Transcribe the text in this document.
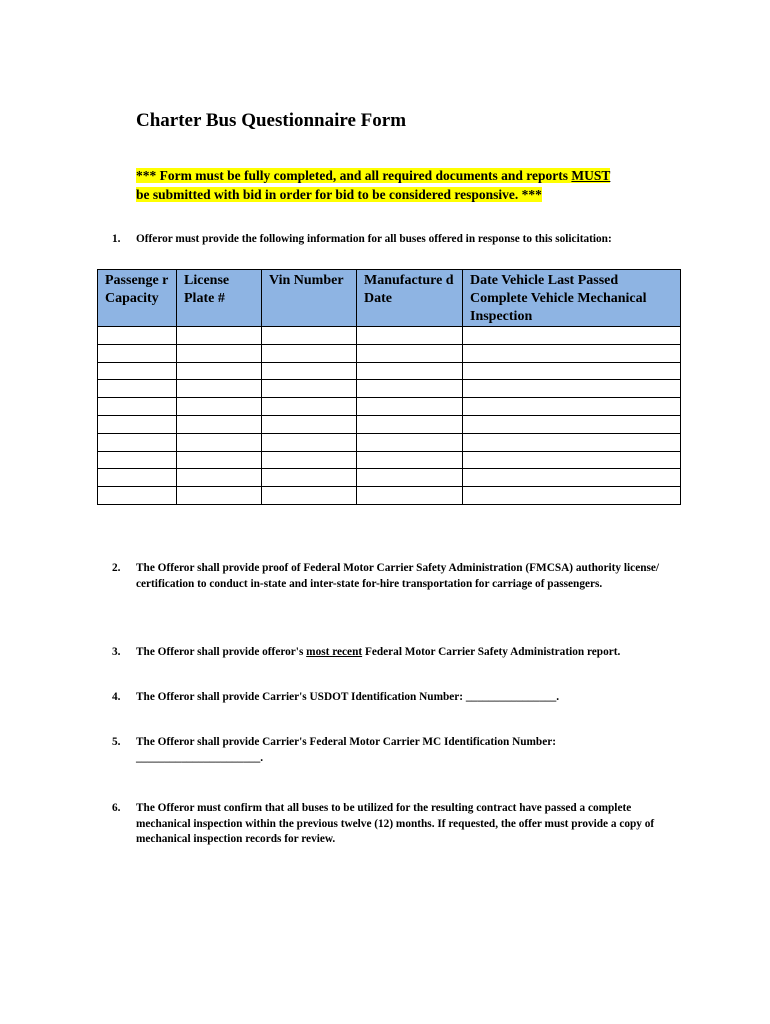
Charter Bus Questionnaire Form
*** Form must be fully completed, and all required documents and reports MUST
be submitted with bid in order for bid to be considered responsive. ***
1. Offeror must provide the following information for all buses offered in response to this solicitation:
Passenge r Capacity	License Plate #	Vin Number	Manufacture d Date	Date Vehicle Last Passed Complete Vehicle Mechanical Inspection

2. The Offeror shall provide proof of Federal Motor Carrier Safety Administration (FMCSA) authority license/ certification to conduct in-state and inter-state for-hire transportation for carriage of passengers.
3. The Offeror shall provide offeror's most recent Federal Motor Carrier Safety Administration report.
4. The Offeror shall provide Carrier's USDOT Identification Number: ________________.
5. The Offeror shall provide Carrier's Federal Motor Carrier MC Identification Number: ______________________.
6. The Offeror must confirm that all buses to be utilized for the resulting contract have passed a complete mechanical inspection within the previous twelve (12) months. If requested, the offer must provide a copy of mechanical inspection records for review.
